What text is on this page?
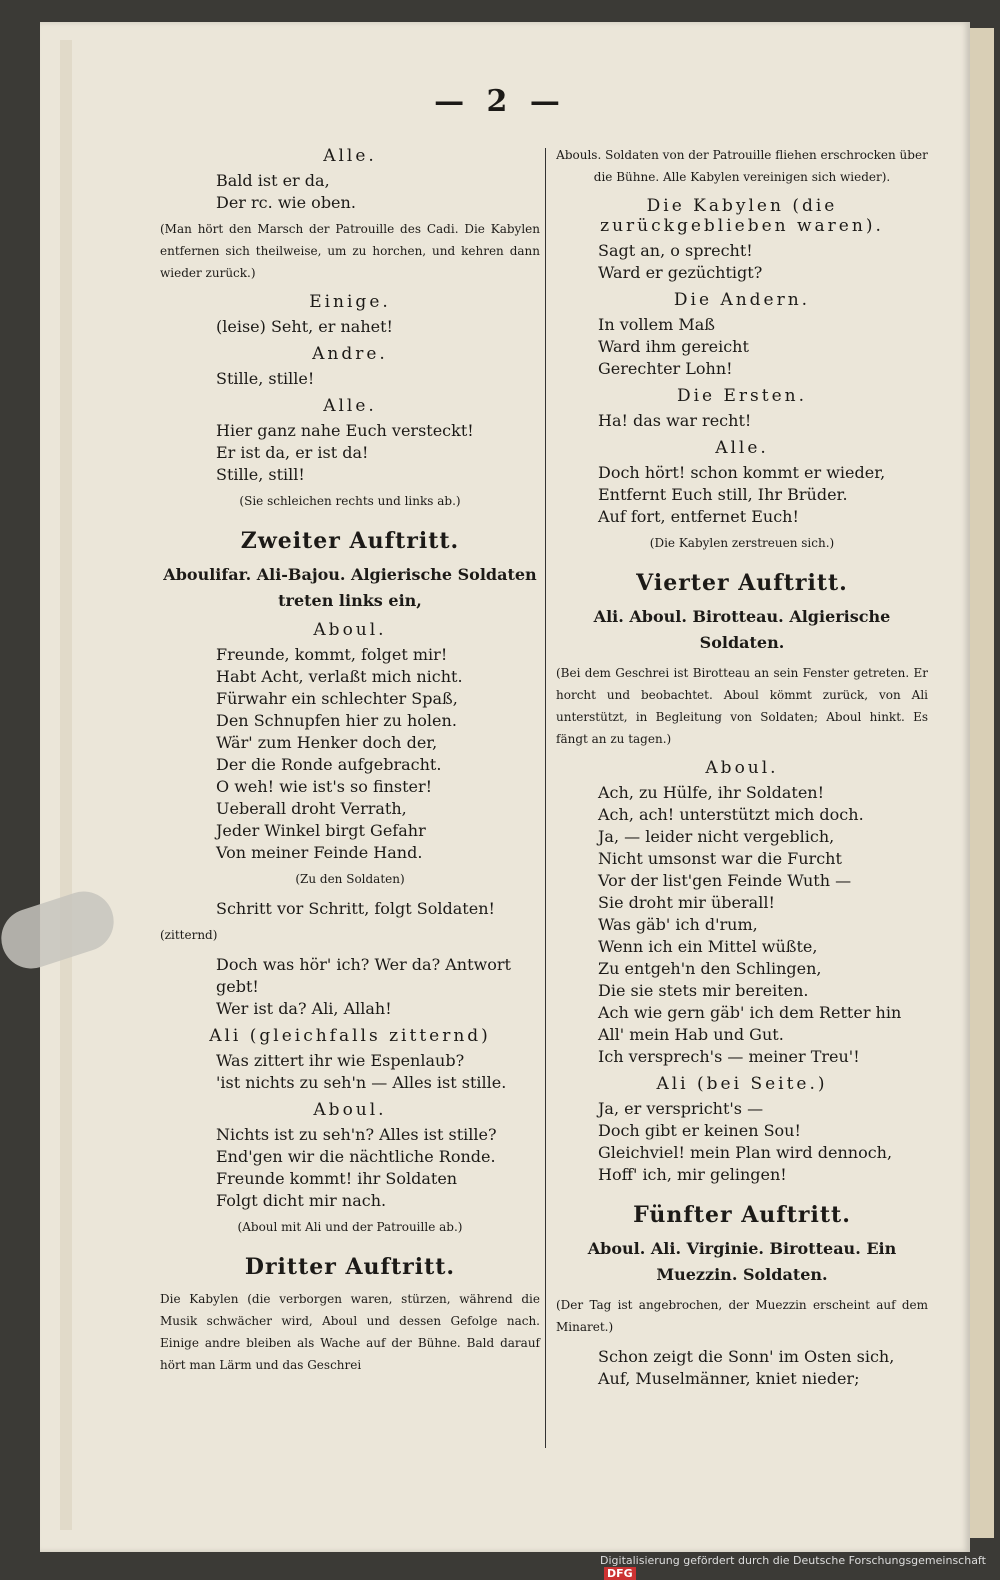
— 2 —
Alle.
Bald ist er da,
Der rc. wie oben.
(Man hört den Marsch der Patrouille des Cadi. Die Kabylen entfernen sich theilweise, um zu horchen, und kehren dann wieder zurück.)
Einige.
(leise) Seht, er nahet!
Andre.
Stille, stille!
Alle.
Hier ganz nahe Euch versteckt!
Er ist da, er ist da!
Stille, still!
(Sie schleichen rechts und links ab.)
Zweiter Auftritt.
Aboulifar. Ali-Bajou. Algierische Soldaten treten links ein,
Aboul.
Freunde, kommt, folget mir!
Habt Acht, verlaßt mich nicht.
Fürwahr ein schlechter Spaß,
Den Schnupfen hier zu holen.
Wär' zum Henker doch der,
Der die Ronde aufgebracht.
O weh! wie ist's so finster!
Ueberall droht Verrath,
Jeder Winkel birgt Gefahr
Von meiner Feinde Hand.
(Zu den Soldaten)
Schritt vor Schritt, folgt Soldaten!
(zitternd)
Doch was hör' ich? Wer da? Antwort gebt!
Wer ist da? Ali, Allah!
Ali (gleichfalls zitternd)
Was zittert ihr wie Espenlaub?
'ist nichts zu seh'n — Alles ist stille.
Aboul.
Nichts ist zu seh'n? Alles ist stille?
End'gen wir die nächtliche Ronde.
Freunde kommt! ihr Soldaten
Folgt dicht mir nach.
(Aboul mit Ali und der Patrouille ab.)
Dritter Auftritt.
Die Kabylen (die verborgen waren, stürzen, während die Musik schwächer wird, Aboul und dessen Gefolge nach. Einige andre bleiben als Wache auf der Bühne. Bald darauf hört man Lärm und das Geschrei
Abouls. Soldaten von der Patrouille fliehen erschrocken über die Bühne. Alle Kabylen vereinigen sich wieder).
Die Kabylen (die zurückgeblieben waren).
Sagt an, o sprecht!
Ward er gezüchtigt?
Die Andern.
In vollem Maß
Ward ihm gereicht
Gerechter Lohn!
Die Ersten.
Ha! das war recht!
Alle.
Doch hört! schon kommt er wieder,
Entfernt Euch still, Ihr Brüder.
Auf fort, entfernet Euch!
(Die Kabylen zerstreuen sich.)
Vierter Auftritt.
Ali. Aboul. Birotteau. Algierische Soldaten.
(Bei dem Geschrei ist Birotteau an sein Fenster getreten. Er horcht und beobachtet. Aboul kömmt zurück, von Ali unterstützt, in Begleitung von Soldaten; Aboul hinkt. Es fängt an zu tagen.)
Aboul.
Ach, zu Hülfe, ihr Soldaten!
Ach, ach! unterstützt mich doch.
Ja, — leider nicht vergeblich,
Nicht umsonst war die Furcht
Vor der list'gen Feinde Wuth —
Sie droht mir überall!
Was gäb' ich d'rum,
Wenn ich ein Mittel wüßte,
Zu entgeh'n den Schlingen,
Die sie stets mir bereiten.
Ach wie gern gäb' ich dem Retter hin
All' mein Hab und Gut.
Ich versprech's — meiner Treu'!
Ali (bei Seite.)
Ja, er verspricht's —
Doch gibt er keinen Sou!
Gleichviel! mein Plan wird dennoch,
Hoff' ich, mir gelingen!
Fünfter Auftritt.
Aboul. Ali. Virginie. Birotteau. Ein Muezzin. Soldaten.
(Der Tag ist angebrochen, der Muezzin erscheint auf dem Minaret.)
Schon zeigt die Sonn' im Osten sich,
Auf, Muselmänner, kniet nieder;
Digitalisierung gefördert durch die Deutsche Forschungsgemeinschaft DFG
